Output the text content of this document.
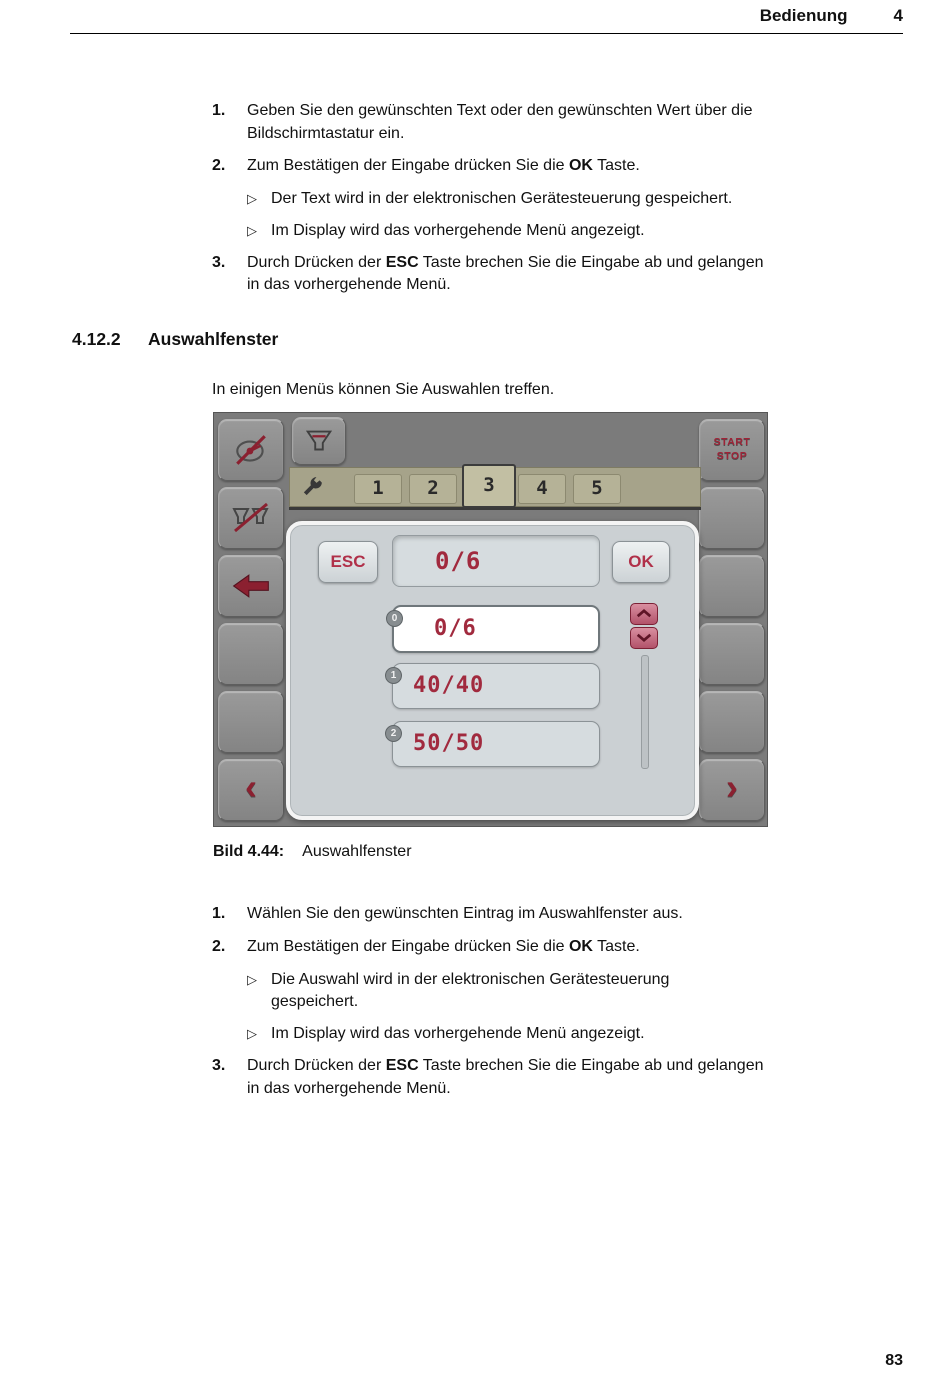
Bedienung	4
1.	Geben Sie den gewünschten Text oder den gewünschten Wert über die Bildschirmtastatur ein.

2.	Zum Bestätigen der Eingabe drücken Sie die OK Taste.

▷ Der Text wird in der elektronischen Gerätesteuerung gespeichert.

▷ Im Display wird das vorhergehende Menü angezeigt.

3.	Durch Drücken der ESC Taste brechen Sie die Eingabe ab und gelangen in das vorhergehende Menü.

4.12.2	Auswahlfenster

In einigen Menüs können Sie Auswahlen treffen.

‹
START
STOP
›
1	2	3	4	5
ESC	0/6	OK
0 0/6
1 40/40
2 50/50
Bild 4.44: Auswahlfenster
1.	Wählen Sie den gewünschten Eintrag im Auswahlfenster aus.

2.	Zum Bestätigen der Eingabe drücken Sie die OK Taste.

▷ Die Auswahl wird in der elektronischen Gerätesteuerung gespeichert.

▷ Im Display wird das vorhergehende Menü angezeigt.

3.	Durch Drücken der ESC Taste brechen Sie die Eingabe ab und gelangen in das vorhergehende Menü.

83
